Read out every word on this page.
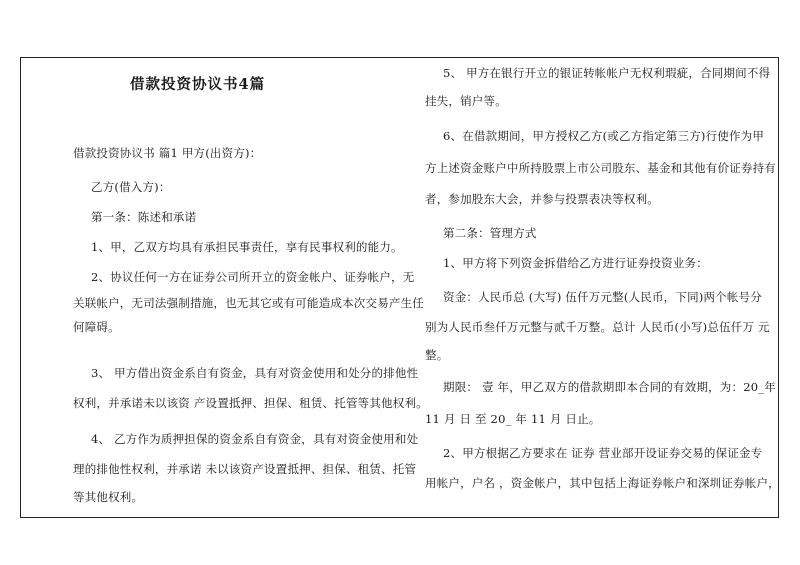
借款投资协议书4篇
借款投资协议书 篇1 甲方(出资方)：
乙方(借入方)：
第一条：陈述和承诺
1、甲，乙双方均具有承担民事责任，享有民事权利的能力。
2、协议任何一方在证券公司所开立的资金帐户、证券帐户，无
关联帐户，无司法强制措施，也无其它或有可能造成本次交易产生任
何障碍。
3、 甲方借出资金系自有资金，具有对资金使用和处分的排他性
权利，并承诺未以该资 产设置抵押、担保、租赁、托管等其他权利。
4、 乙方作为质押担保的资金系自有资金，具有对资金使用和处
理的排他性权利，并承诺 未以该资产设置抵押、担保、租赁、托管
等其他权利。
5、 甲方在银行开立的银证转帐帐户无权利瑕疵，合同期间不得
挂失，销户等。
6、在借款期间，甲方授权乙方(或乙方指定第三方)行使作为甲
方上述资金账户中所持股票上市公司股东、基金和其他有价证券持有
者，参加股东大会，并参与投票表决等权利。
第二条：管理方式
1、甲方将下列资金拆借给乙方进行证券投资业务：
资金：人民币总 (大写) 伍仟万元整(人民币，下同)两个帐号分
别为人民币叁仟万元整与贰千万整。总计 人民币(小写)总伍仟万 元
整。
期限： 壹 年，甲乙双方的借款期即本合同的有效期，为：20_年
11 月 日 至 20_ 年 11 月 日止。
2、甲方根据乙方要求在 证券 营业部开设证券交易的保证金专
用帐户，户名 ，资金帐户，其中包括上海证券帐户和深圳证券帐户，
